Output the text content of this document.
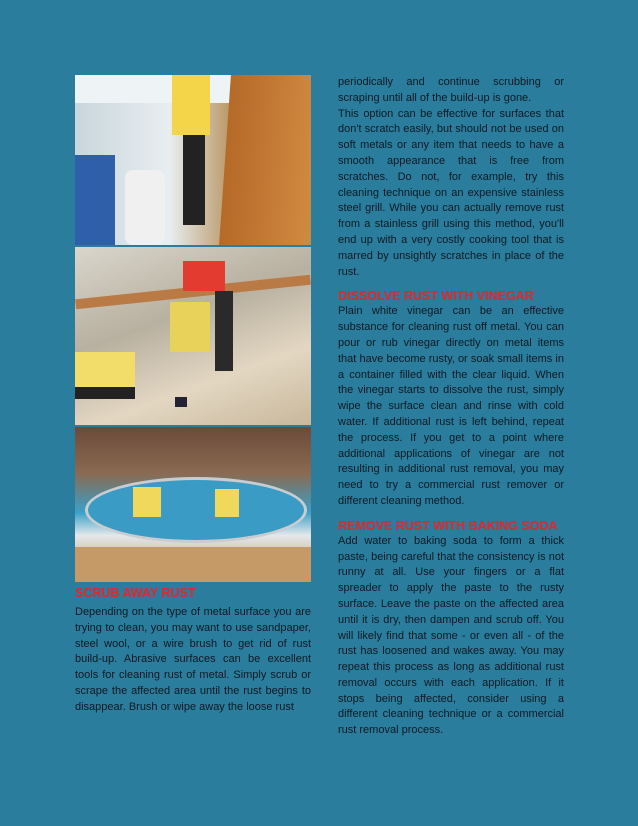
SCRUB AWAY RUST

Depending on the type of metal surface you are trying to clean, you may want to use sandpaper, steel wool, or a wire brush to get rid of rust build-up. Abrasive surfaces can be excellent tools for cleaning rust of metal. Simply scrub or scrape the affected area until the rust begins to disappear. Brush or wipe away the loose rust

periodically and continue scrubbing or scraping until all of the build-up is gone.

This option can be effective for surfaces that don't scratch easily, but should not be used on soft metals or any item that needs to have a smooth appearance that is free from scratches. Do not, for example, try this cleaning technique on an expensive stainless steel grill. While you can actually remove rust from a stainless grill using this method, you'll end up with a very costly cooking tool that is marred by unsightly scratches in place of the rust.

DISSOLVE RUST WITH VINEGAR

Plain white vinegar can be an effective substance for cleaning rust off metal. You can pour or rub vinegar directly on metal items that have become rusty, or soak small items in a container filled with the clear liquid. When the vinegar starts to dissolve the rust, simply wipe the surface clean and rinse with cold water. If additional rust is left behind, repeat the process. If you get to a point where additional applications of vinegar are not resulting in additional rust removal, you may need to try a commercial rust remover or different cleaning method.

REMOVE RUST WITH BAKING SODA

Add water to baking soda to form a thick paste, being careful that the consistency is not runny at all. Use your fingers or a flat spreader to apply the paste to the rusty surface. Leave the paste on the affected area until it is dry, then dampen and scrub off. You will likely find that some - or even all - of the rust has loosened and wakes away. You may repeat this process as long as additional rust removal occurs with each application. If it stops being affected, consider using a different cleaning technique or a commercial rust removal process.
